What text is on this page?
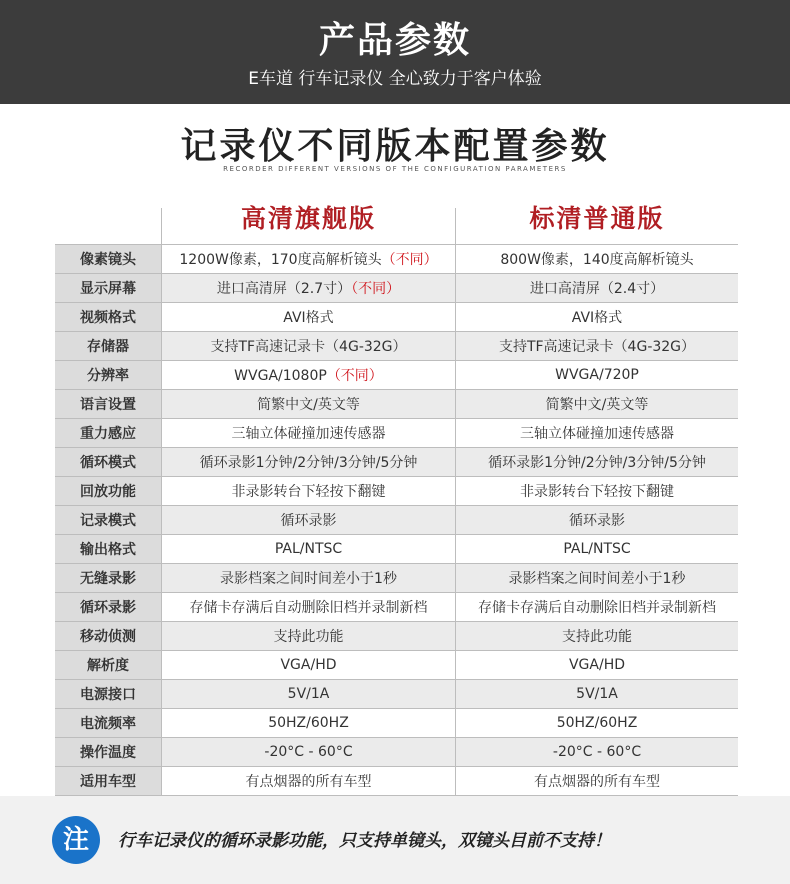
产品参数
E车道 行车记录仪 全心致力于客户体验
记录仪不同版本配置参数
RECORDER DIFFERENT VERSIONS OF THE CONFIGURATION PARAMETERS
高清旗舰版	标清普通版
像素镜头	1200W像素，170度高解析镜头（不同）	800W像素，140度高解析镜头
显示屏幕	进口高清屏（2.7寸）（不同）	进口高清屏（2.4寸）
视频格式	AVI格式	AVI格式
存储器	支持TF高速记录卡（4G-32G）	支持TF高速记录卡（4G-32G）
分辨率	WVGA/1080P（不同）	WVGA/720P
语言设置	简繁中文/英文等	简繁中文/英文等
重力感应	三轴立体碰撞加速传感器	三轴立体碰撞加速传感器
循环模式	循环录影1分钟/2分钟/3分钟/5分钟	循环录影1分钟/2分钟/3分钟/5分钟
回放功能	非录影转台下轻按下翻键	非录影转台下轻按下翻键
记录模式	循环录影	循环录影
输出格式	PAL/NTSC	PAL/NTSC
无缝录影	录影档案之间时间差小于1秒	录影档案之间时间差小于1秒
循环录影	存储卡存满后自动删除旧档并录制新档	存储卡存满后自动删除旧档并录制新档
移动侦测	支持此功能	支持此功能
解析度	VGA/HD	VGA/HD
电源接口	5V/1A	5V/1A
电流频率	50HZ/60HZ	50HZ/60HZ
操作温度	-20°C - 60°C	-20°C - 60°C
适用车型	有点烟器的所有车型	有点烟器的所有车型
注	行车记录仪的循环录影功能，只支持单镜头，双镜头目前不支持！
